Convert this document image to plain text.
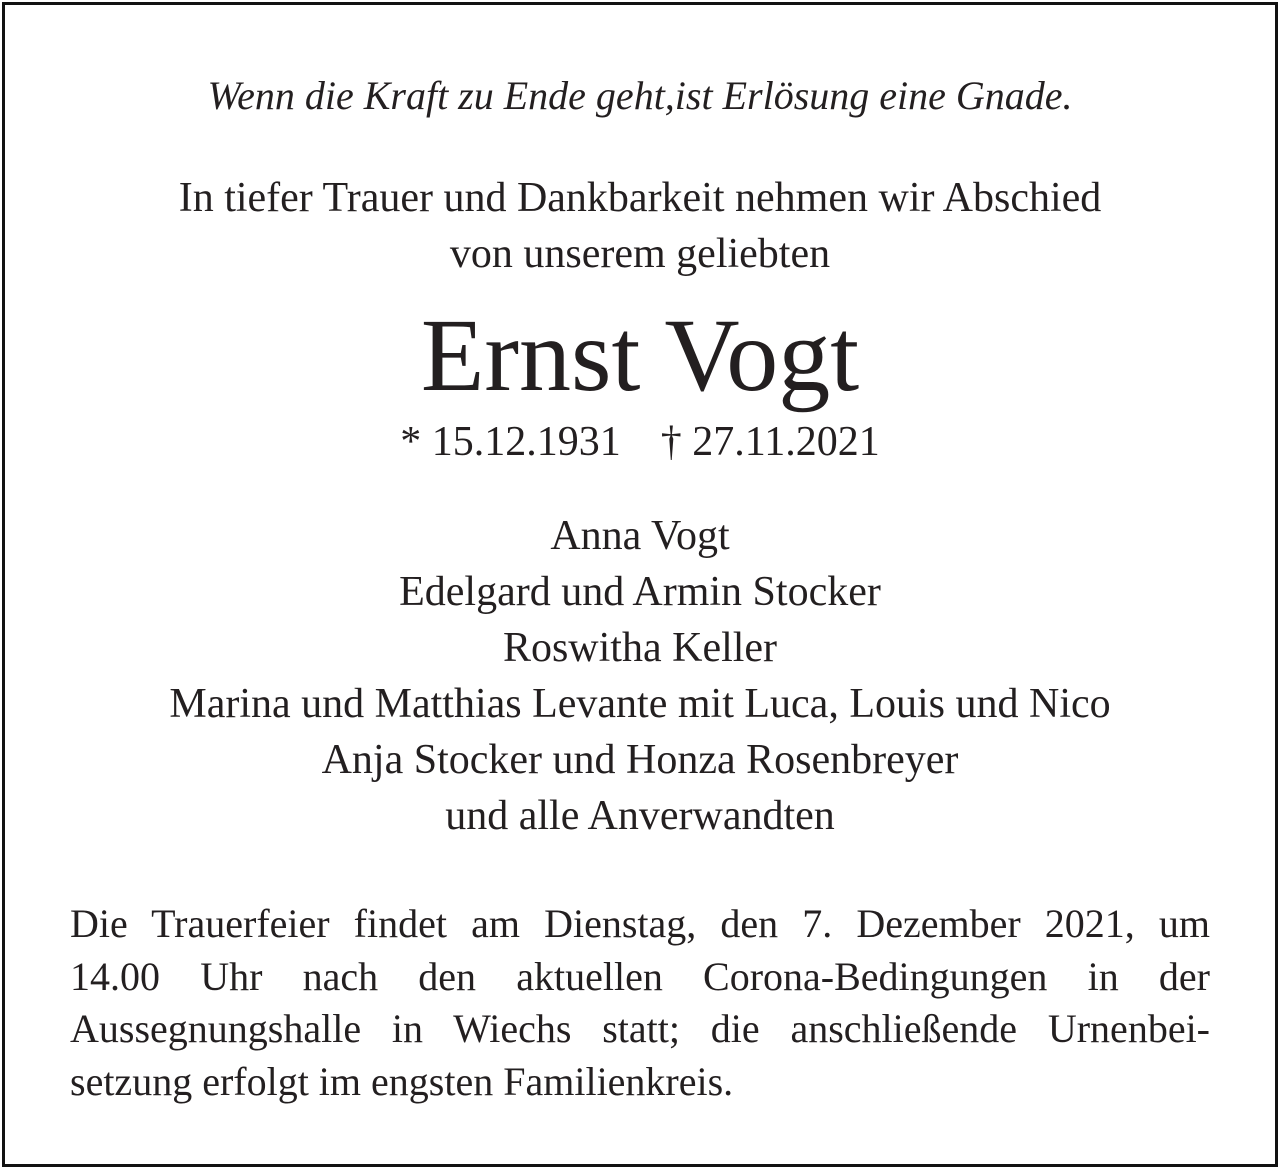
Wenn die Kraft zu Ende geht,ist Erlösung eine Gnade.
In tiefer Trauer und Dankbarkeit nehmen wir Abschied
von unserem geliebten
Ernst Vogt
* 15.12.1931 † 27.11.2021
Anna Vogt
Edelgard und Armin Stocker
Roswitha Keller
Marina und Matthias Levante mit Luca, Louis und Nico
Anja Stocker und Honza Rosenbreyer
und alle Anverwandten
Die Trauerfeier findet am Dienstag, den 7. Dezember 2021, um
14.00 Uhr nach den aktuellen Corona-Bedingungen in der
Aussegnungshalle in Wiechs statt; die anschließende Urnenbei-
setzung erfolgt im engsten Familienkreis.
